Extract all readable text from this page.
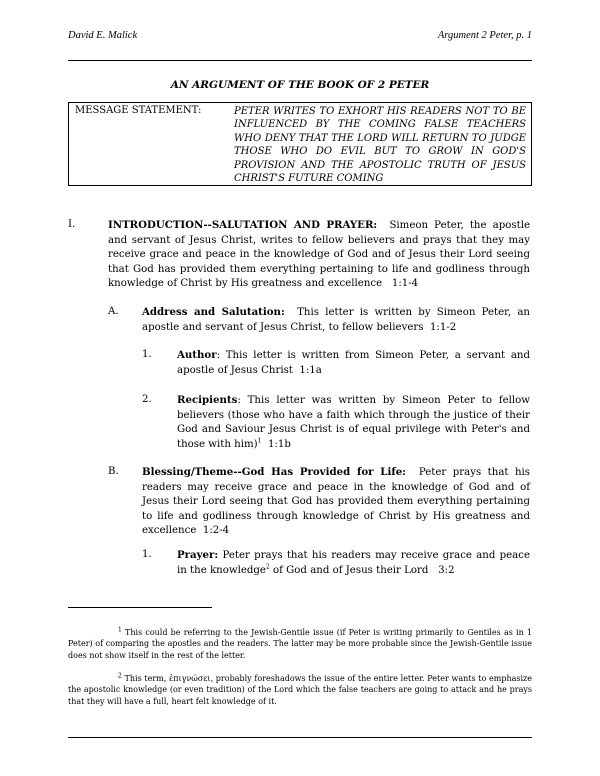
David E. Malick	Argument 2 Peter, p. 1
AN ARGUMENT OF THE BOOK OF 2 PETER
MESSAGE STATEMENT:	PETER WRITES TO EXHORT HIS READERS NOT TO BE INFLUENCED BY THE COMING FALSE TEACHERS WHO DENY THAT THE LORD WILL RETURN TO JUDGE THOSE WHO DO EVIL BUT TO GROW IN GOD'S PROVISION AND THE APOSTOLIC TRUTH OF JESUS CHRIST'S FUTURE COMING
I.	INTRODUCTION--SALUTATION AND PRAYER: Simeon Peter, the apostle and servant of Jesus Christ, writes to fellow believers and prays that they may receive grace and peace in the knowledge of God and of Jesus their Lord seeing that God has provided them everything pertaining to life and godliness through knowledge of Christ by His greatness and excellence 1:1-4
A. Address and Salutation: This letter is written by Simeon Peter, an apostle and servant of Jesus Christ, to fellow believers 1:1-2
1. Author: This letter is written from Simeon Peter, a servant and apostle of Jesus Christ 1:1a
2. Recipients: This letter was written by Simeon Peter to fellow believers (those who have a faith which through the justice of their God and Saviour Jesus Christ is of equal privilege with Peter's and those with him)$^1$ 1:1b
B. Blessing/Theme--God Has Provided for Life: Peter prays that his readers may receive grace and peace in the knowledge of God and of Jesus their Lord seeing that God has provided them everything pertaining to life and godliness through knowledge of Christ by His greatness and excellence 1:2-4
1. Prayer: Peter prays that his readers may receive grace and peace in the knowledge$^2$ of God and of Jesus their Lord 3:2
$^1$ This could be referring to the Jewish-Gentile issue (if Peter is writing primarily to Gentiles as in 1 Peter) of comparing the apostles and the readers. The latter may be more probable since the Jewish-Gentile issue does not show itself in the rest of the letter.
$^2$ This term, ἐπιγνώσει, probably foreshadows the issue of the entire letter. Peter wants to emphasize the apostolic knowledge (or even tradition) of the Lord which the false teachers are going to attack and he prays that they will have a full, heart felt knowledge of it.
